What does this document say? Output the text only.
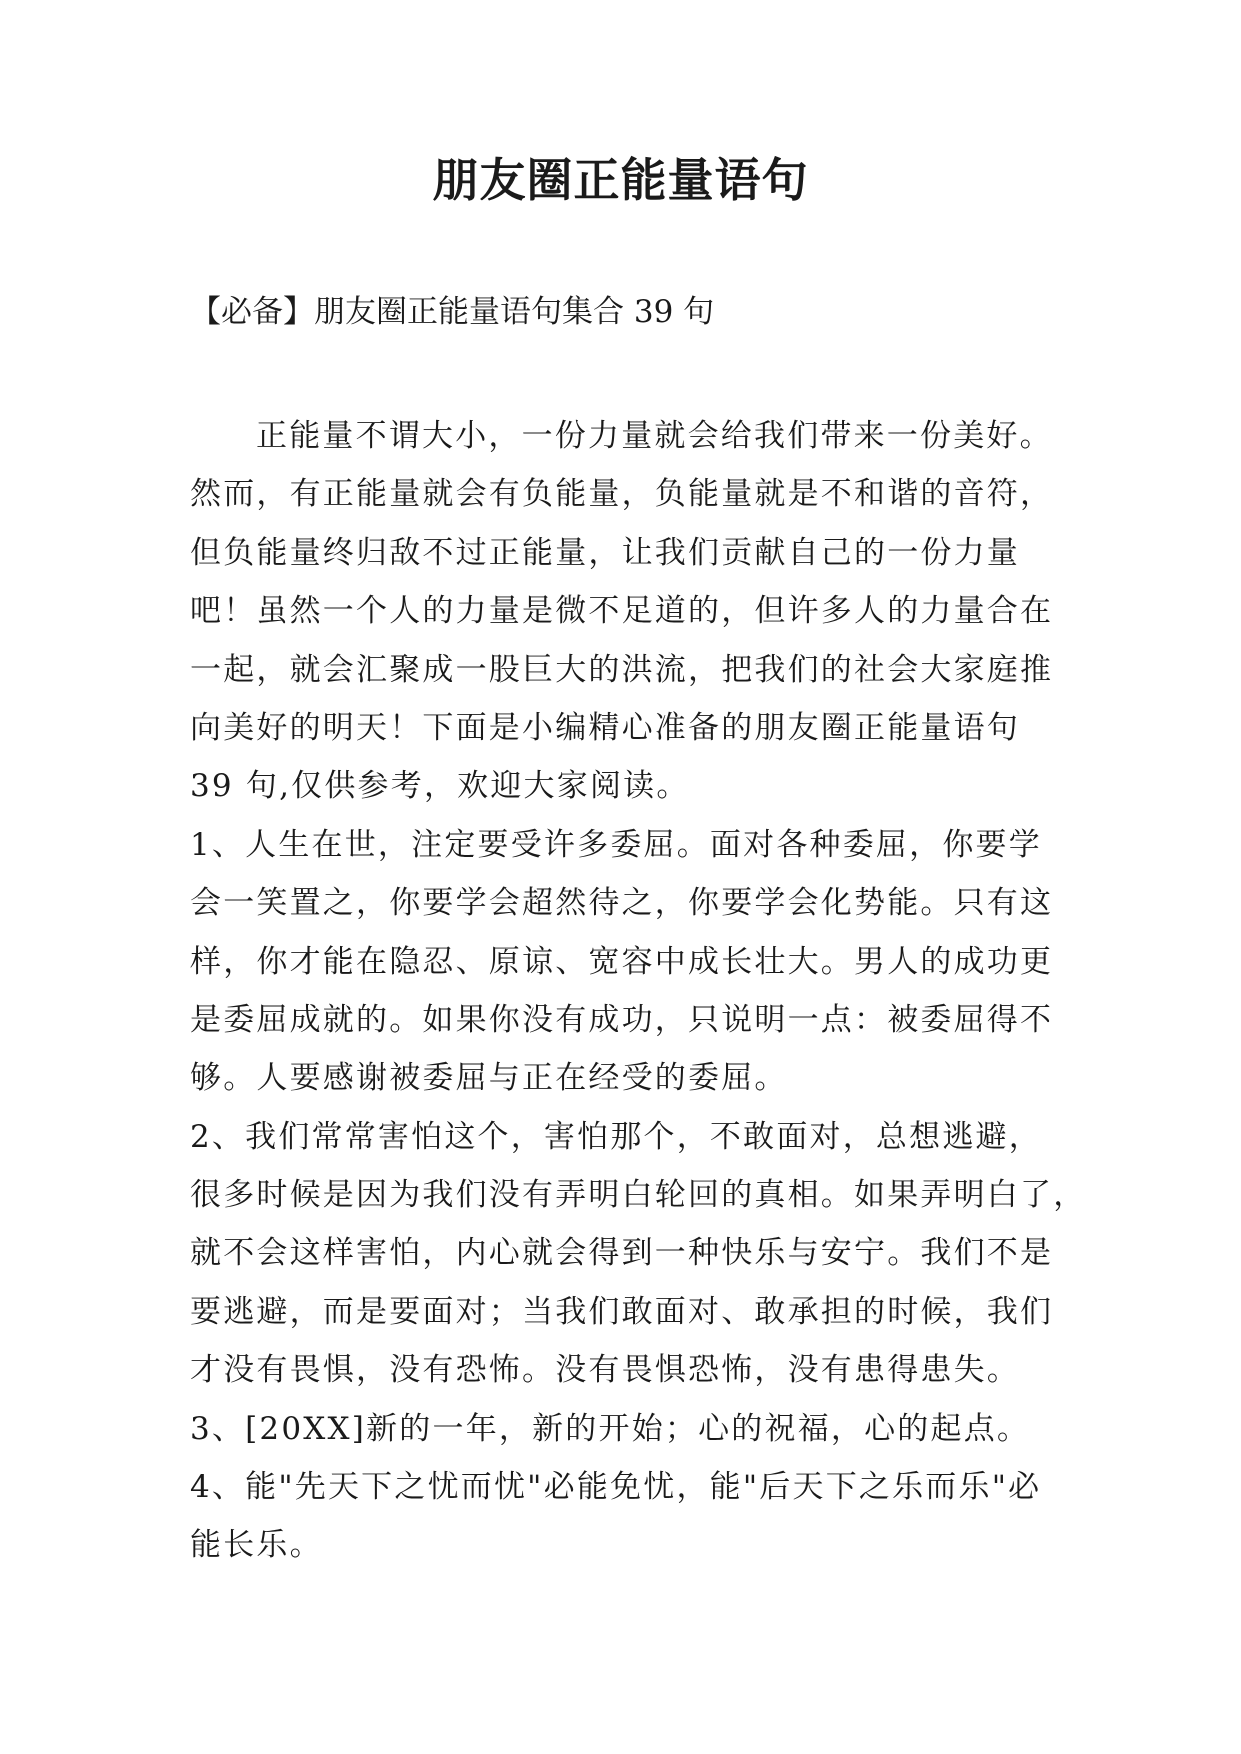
朋友圈正能量语句

【必备】朋友圈正能量语句集合 39 句

正能量不谓大小，一份力量就会给我们带来一份美好。

然而，有正能量就会有负能量，负能量就是不和谐的音符，

但负能量终归敌不过正能量，让我们贡献自己的一份力量

吧！虽然一个人的力量是微不足道的，但许多人的力量合在

一起，就会汇聚成一股巨大的洪流，把我们的社会大家庭推

向美好的明天！下面是小编精心准备的朋友圈正能量语句

39 句,仅供参考，欢迎大家阅读。

1、人生在世，注定要受许多委屈。面对各种委屈，你要学

会一笑置之，你要学会超然待之，你要学会化势能。只有这

样，你才能在隐忍、原谅、宽容中成长壮大。男人的成功更

是委屈成就的。如果你没有成功，只说明一点：被委屈得不

够。人要感谢被委屈与正在经受的委屈。

2、我们常常害怕这个，害怕那个，不敢面对，总想逃避，

很多时候是因为我们没有弄明白轮回的真相。如果弄明白了，

就不会这样害怕，内心就会得到一种快乐与安宁。我们不是

要逃避，而是要面对；当我们敢面对、敢承担的时候，我们

才没有畏惧，没有恐怖。没有畏惧恐怖，没有患得患失。

3、[20XX]新的一年，新的开始；心的祝福，心的起点。

4、能"先天下之忧而忧"必能免忧，能"后天下之乐而乐"必

能长乐。
